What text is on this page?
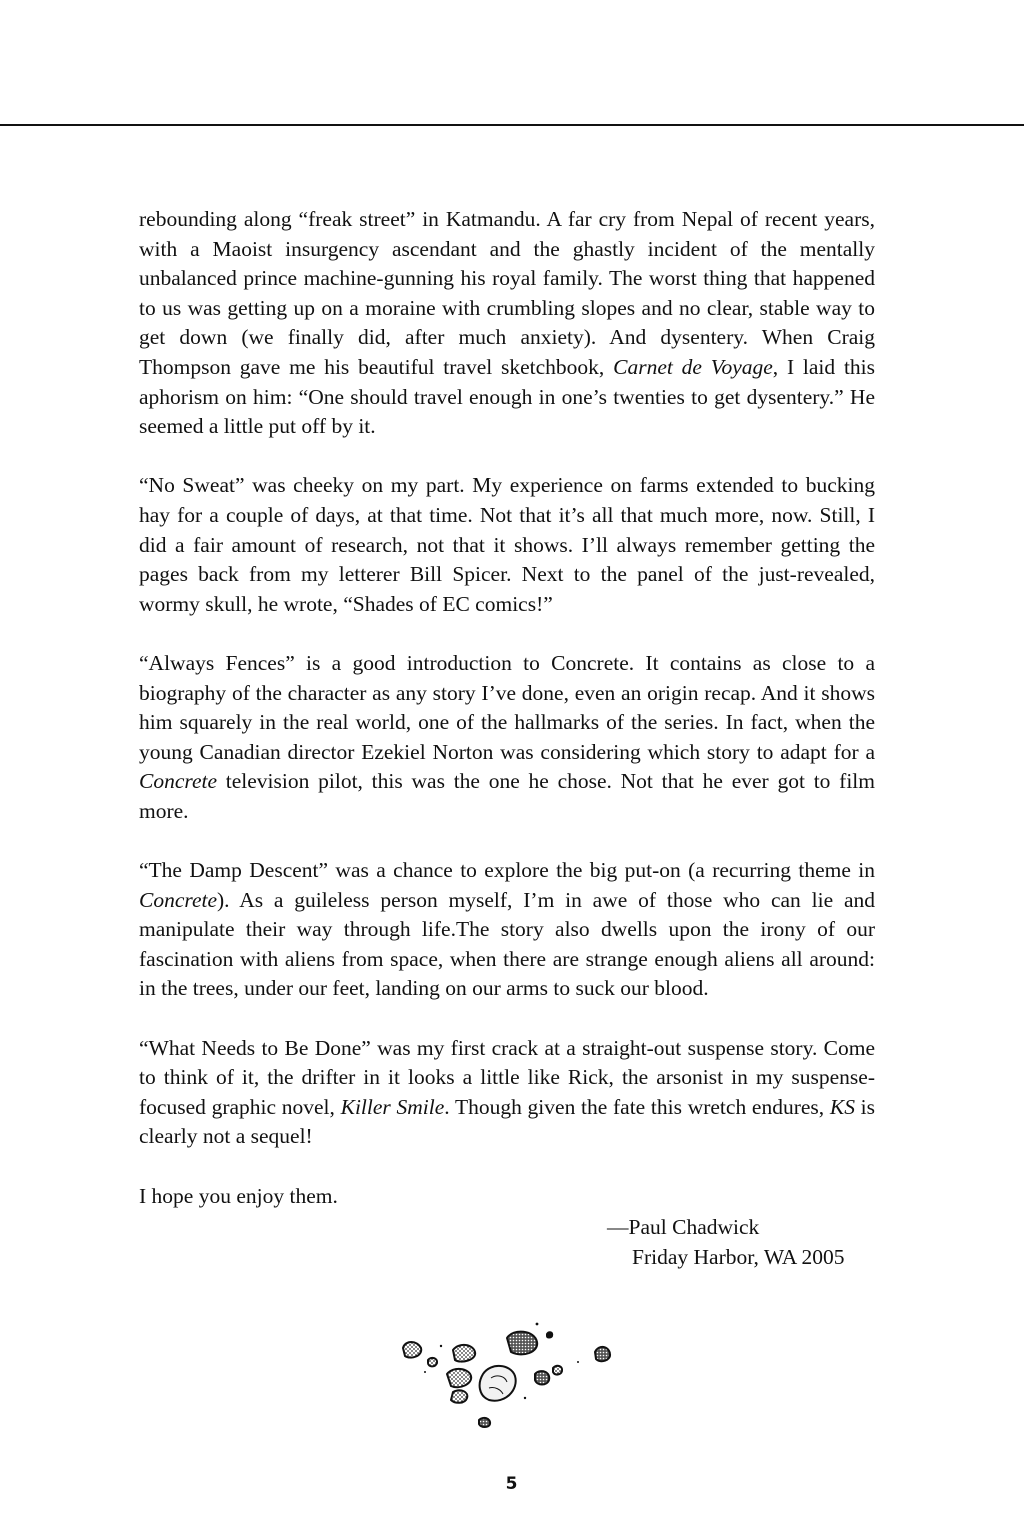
rebounding along “freak street” in Katmandu. A far cry from Nepal of recent years, with a Maoist insurgency ascendant and the ghastly incident of the mentally unbalanced prince machine-gunning his royal family. The worst thing that happened to us was getting up on a moraine with crumbling slopes and no clear, stable way to get down (we finally did, after much anxiety). And dysentery. When Craig Thompson gave me his beautiful travel sketchbook, Carnet de Voyage, I laid this aphorism on him: “One should travel enough in one’s twenties to get dysentery.” He seemed a little put off by it.

“No Sweat” was cheeky on my part. My experience on farms extended to bucking hay for a couple of days, at that time. Not that it’s all that much more, now. Still, I did a fair amount of research, not that it shows. I’ll always remember getting the pages back from my letterer Bill Spicer. Next to the panel of the just-revealed, wormy skull, he wrote, “Shades of EC comics!”

“Always Fences” is a good introduction to Concrete. It contains as close to a biography of the character as any story I’ve done, even an origin recap. And it shows him squarely in the real world, one of the hallmarks of the series. In fact, when the young Canadian director Ezekiel Norton was considering which story to adapt for a Concrete television pilot, this was the one he chose. Not that he ever got to film more.

“The Damp Descent” was a chance to explore the big put-on (a recurring theme in Concrete). As a guileless person myself, I’m in awe of those who can lie and manipulate their way through life.The story also dwells upon the irony of our fascination with aliens from space, when there are strange enough aliens all around: in the trees, under our feet, landing on our arms to suck our blood.

“What Needs to Be Done” was my first crack at a straight-out suspense story. Come to think of it, the drifter in it looks a little like Rick, the arsonist in my suspense-focused graphic novel, Killer Smile. Though given the fate this wretch endures, KS is clearly not a sequel!

I hope you enjoy them.

—Paul Chadwick
Friday Harbor, WA 2005
5
